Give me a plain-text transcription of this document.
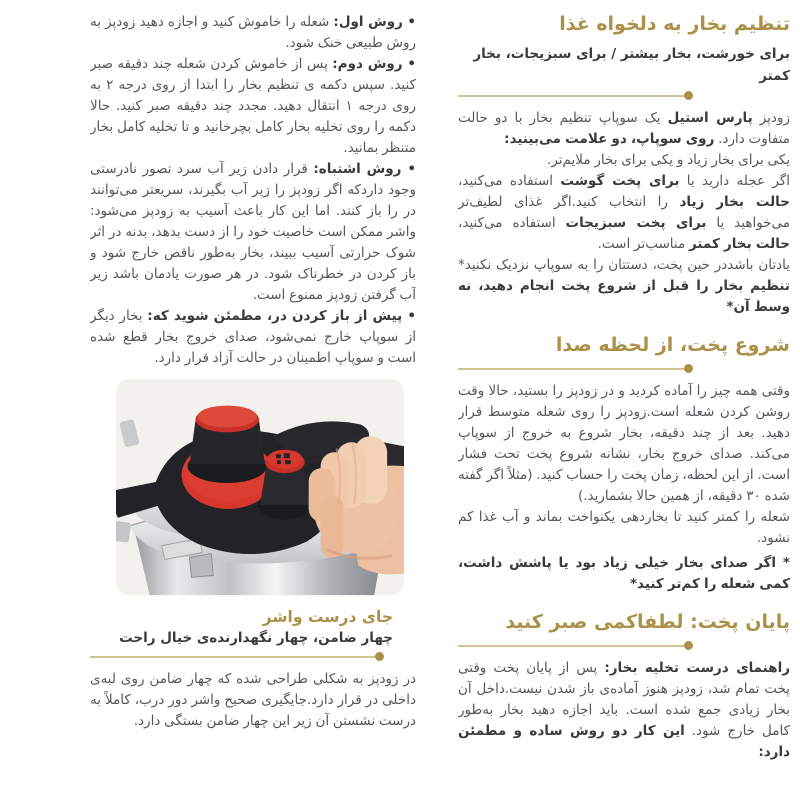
• روش اول: شعله را خاموش کنید و اجازه دهید زودپز به روش طبیعی خنک شود.

• روش دوم: پس از خاموش کردن شعله چند دقیقه صبر کنید. سپس دکمه ی تنظیم بخار را ابتدا از روی درجه ۲ به روی درجه ۱ انتقال دهید. مجدد چند دقیقه صبر کنید. حالا دکمه را روی تخلیه بخار کامل بچرخانید و تا تخلیه کامل بخار متنظر بمانید.

• روش اشتباه: قرار دادن زیر آب سرد تصور نادرستی وجود داردکه اگر زودپز را زیر آب بگیرند، سریعتر می‌توانند در را باز کنند. اما این کار باعث آسیب به زودپز می‌شود: واشر ممکن است خاصیت خود را از دست بدهد، بدنه در اثر شوک حرارتی آسیب ببیند، بخار به‌طور ناقص خارج شود و باز کردن در خطرناک شود. در هر صورت یادمان باشد زیر آب گرفتن زودپز ممنوع است.

• پیش از باز کردن در، مطمئن شوید که: بخار دیگر از سوپاپ خارج نمی‌شود، صدای خروج بخار قطع شده است و سوپاپ اطمینان در حالت آزاد قرار دارد.

جای درست واشر

چهار ضامن، چهار نگهدارنده‌ی خیال راحت

در زودپز به شکلی طراحی شده که چهار ضامن روی لبه‌ی داخلی در قرار دارد.جایگیری صحیح واشر دور درب، کاملاً به درست نشستن آن زیر این چهار ضامن بستگی دارد.

تنظیم بخار به دلخواه غذا

برای خورشت، بخار بیشتر / برای سبزیجات، بخار کمتر

زودپز پارس استیل یک سوپاپ تنظیم بخار با دو حالت متفاوت دارد. روی سوپاپ، دو علامت می‌بینید:

یکی برای بخار زیاد و یکی برای بخار ملایم‌تر.

اگر عجله دارید یا برای پخت گوشت استفاده می‌کنید، حالت بخار زیاد را انتخاب کنید.اگر غذای لطیف‌تر می‌خواهید یا برای پخت سبزیجات استفاده می‌کنید، حالت بخار کمتر مناسب‌تر است.

یادتان باشددر حین پخت، دستتان را به سوپاپ نزدیک نکنید* تنظیم بخار را قبل از شروع پخت انجام دهید، نه وسط آن*

شروع پخت، از لحظه صدا

وقتی همه چیز را آماده کردید و در زودپز را بستید، حالا وقت روشن کردن شعله است.زودپز را روی شعله متوسط قرار دهید. بعد از چند دقیقه، بخار شروع به خروج از سوپاپ می‌کند. صدای خروج بخار، نشانه شروع پخت تحت فشار است. از این لحظه، زمان پخت را حساب کنید. (مثلاً اگر گفته شده ۳۰ دقیقه، از همین حالا بشمارید.)

شعله را کمتر کنید تا بخاردهی یکنواخت بماند و آب غذا کم نشود.

* اگر صدای بخار خیلی زیاد بود یا پاشش داشت، کمی شعله را کم‌تر کنید*

پایان پخت: لطفاکمی صبر کنید

راهنمای درست تخلیه بخار: پس از پایان پخت وقتی پخت تمام شد، زودپز هنوز آماده‌ی باز شدن نیست.داخل آن بخار زیادی جمع شده است. باید اجازه دهید بخار به‌طور کامل خارج شود. این کار دو روش ساده و مطمئن دارد:
